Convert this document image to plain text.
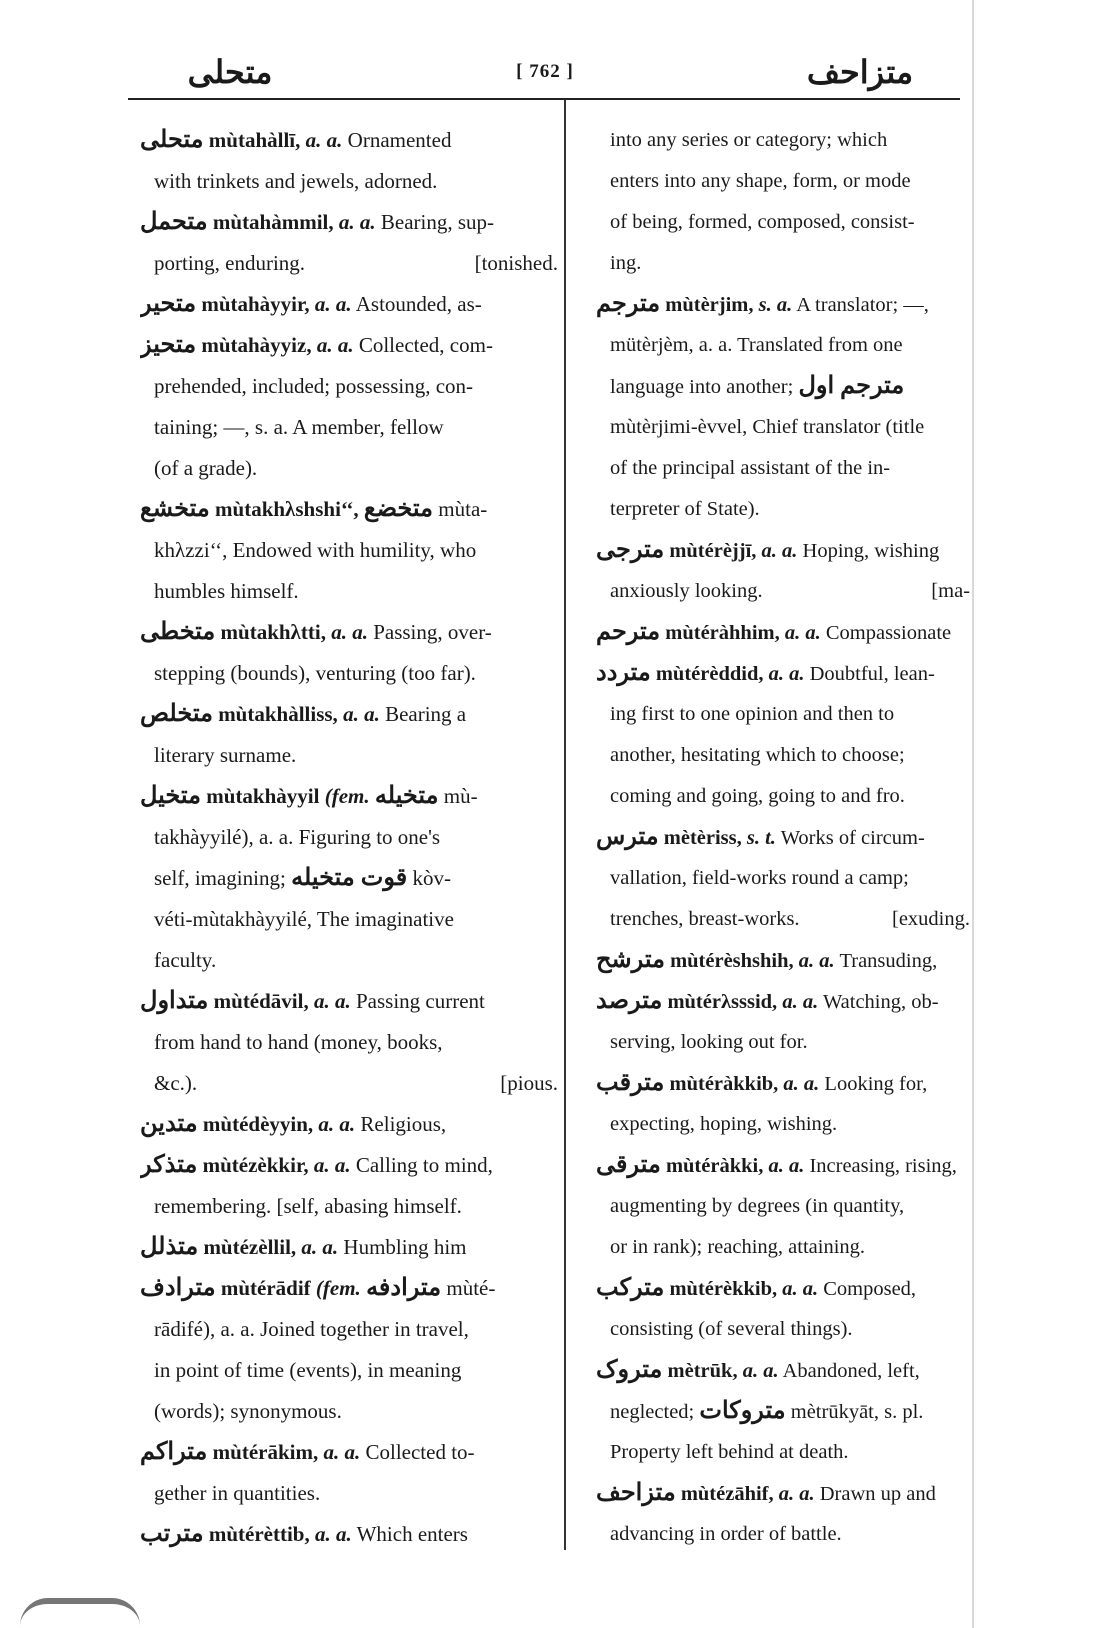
متحلی	[ 762 ]	متزاحف
متحلی mùtahàllī, a. a. Ornamented
with trinkets and jewels, adorned.
متحمل mùtahàmmil, a. a. Bearing, sup-
porting, enduring.	[tonished.
متحیر mùtahàyyir, a. a. Astounded, as-
متحیز mùtahàyyiz, a. a. Collected, com-
prehended, included; possessing, con-
taining; —, s. a. A member, fellow
(of a grade).
متخشع mùtakhλshshi‘‘, متخضع mùta-
khλzzi‘‘, Endowed with humility, who
humbles himself.
متخطی mùtakhλtti, a. a. Passing, over-
stepping (bounds), venturing (too far).
متخلص mùtakhàlliss, a. a. Bearing a
literary surname.
متخیل mùtakhàyyil (fem. متخیله mù-
takhàyyilé), a. a. Figuring to one's
self, imagining; قوت متخیله kòv-
véti-mùtakhàyyilé, The imaginative
faculty.
متداول mùtédāvil, a. a. Passing current
from hand to hand (money, books,
&c.).	[pious.
متدین mùtédèyyin, a. a. Religious,
متذکر mùtézèkkir, a. a. Calling to mind,
remembering. [self, abasing himself.
متذلل mùtézèllil, a. a. Humbling him
مترادف mùtérādif (fem. مترادفه mùté-
rādifé), a. a. Joined together in travel,
in point of time (events), in meaning
(words); synonymous.
متراکم mùtérākim, a. a. Collected to-
gether in quantities.
مترتب mùtérèttib, a. a. Which enters
into any series or category; which
enters into any shape, form, or mode
of being, formed, composed, consist-
ing.
مترجم mùtèrjim, s. a. A translator; —,
mütèrjèm, a. a. Translated from one
language into another; مترجم اول
mùtèrjimi-èvvel, Chief translator (title
of the principal assistant of the in-
terpreter of State).
مترجی mùtérèjjī, a. a. Hoping, wishing
anxiously looking.	[ma-
مترحم mùtéràhhim, a. a. Compassionate
متردد mùtérèddid, a. a. Doubtful, lean-
ing first to one opinion and then to
another, hesitating which to choose;
coming and going, going to and fro.
مترس mètèriss, s. t. Works of circum-
vallation, field-works round a camp;
trenches, breast-works.	[exuding.
مترشح mùtérèshshih, a. a. Transuding,
مترصد mùtérλsssid, a. a. Watching, ob-
serving, looking out for.
مترقب mùtéràkkib, a. a. Looking for,
expecting, hoping, wishing.
مترقی mùtéràkki, a. a. Increasing, rising,
augmenting by degrees (in quantity,
or in rank); reaching, attaining.
مترکب mùtérèkkib, a. a. Composed,
consisting (of several things).
متروک mètrūk, a. a. Abandoned, left,
neglected; متروکات mètrūkyāt, s. pl.
Property left behind at death.
متزاحف mùtézāhif, a. a. Drawn up and
advancing in order of battle.
